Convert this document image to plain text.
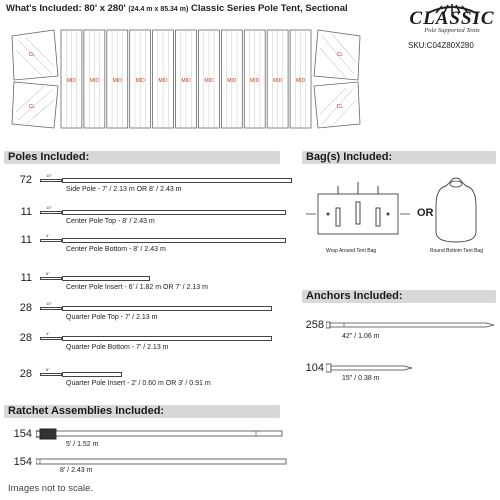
What's Included: 80' x 280' (24.4 m x 85.34 m) Classic Series Pole Tent, Sectional	CLASSIC
Pole Supported Tents
SKU:C04Z80X280
MID	MID	MID	MID	MID	MID	MID	MID	MID	MID	MID
CL	CL
CL	CL
Poles Included:	Bag(s) Included:
Anchors Included:
Ratchet Assemblies Included:
72	10"
Side Pole - 7' / 2.13 m OR 8' / 2.43 m
11	10"
Center Pole Top - 8' / 2.43 m
11	4"
Center Pole Bottom - 8' / 2.43 m
11	6"
Center Pole Insert - 6' / 1.82 m OR 7' / 2.13 m
28	10"
Quarter Pole Top - 7' / 2.13 m
28	4"
Quarter Pole Bottom - 7' / 2.13 m
28	6"
Quarter Pole Insert - 2' / 0.60 m OR 3' / 0.91 m
OR
Wrap Around Tent Bag	Round Bottom Tent Bag
258
42" / 1.06 m
104
15" / 0.38 m
154
5' / 1.52 m
154
8' / 2.43 m
Images not to scale.
